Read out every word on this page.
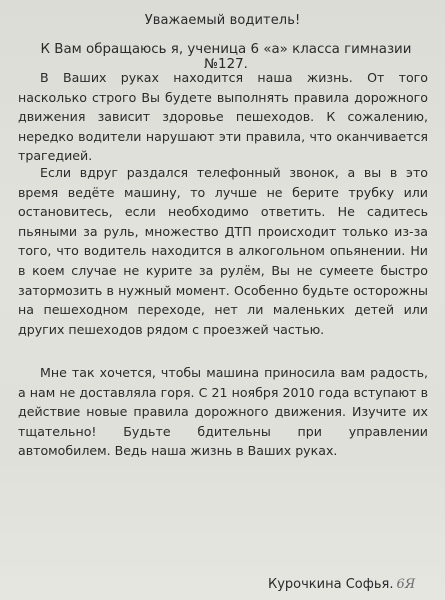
Уважаемый водитель!
К Вам обращаюсь я, ученица 6 «а» класса гимназии №127.

В Ваших руках находится наша жизнь. От того насколько строго Вы будете выполнять правила дорожного движения зависит здоровье пешеходов. К сожалению, нередко водители нарушают эти правила, что оканчивается трагедией.

Если вдруг раздался телефонный звонок, а вы в это время ведёте машину, то лучше не берите трубку или остановитесь, если необходимо ответить. Не садитесь пьяными за руль, множество ДТП происходит только из-за того, что водитель находится в алкогольном опьянении. Ни в коем случае не курите за рулём, Вы не сумеете быстро затормозить в нужный момент. Особенно будьте осторожны на пешеходном переходе, нет ли маленьких детей или других пешеходов рядом с проезжей частью.

Мне так хочется, чтобы машина приносила вам радость, а нам не доставляла горя. С 21 ноября 2010 года вступают в действие новые правила дорожного движения. Изучите их тщательно! Будьте бдительны при управлении автомобилем. Ведь наша жизнь в Ваших руках.

Курочкина Софья. 6Я
